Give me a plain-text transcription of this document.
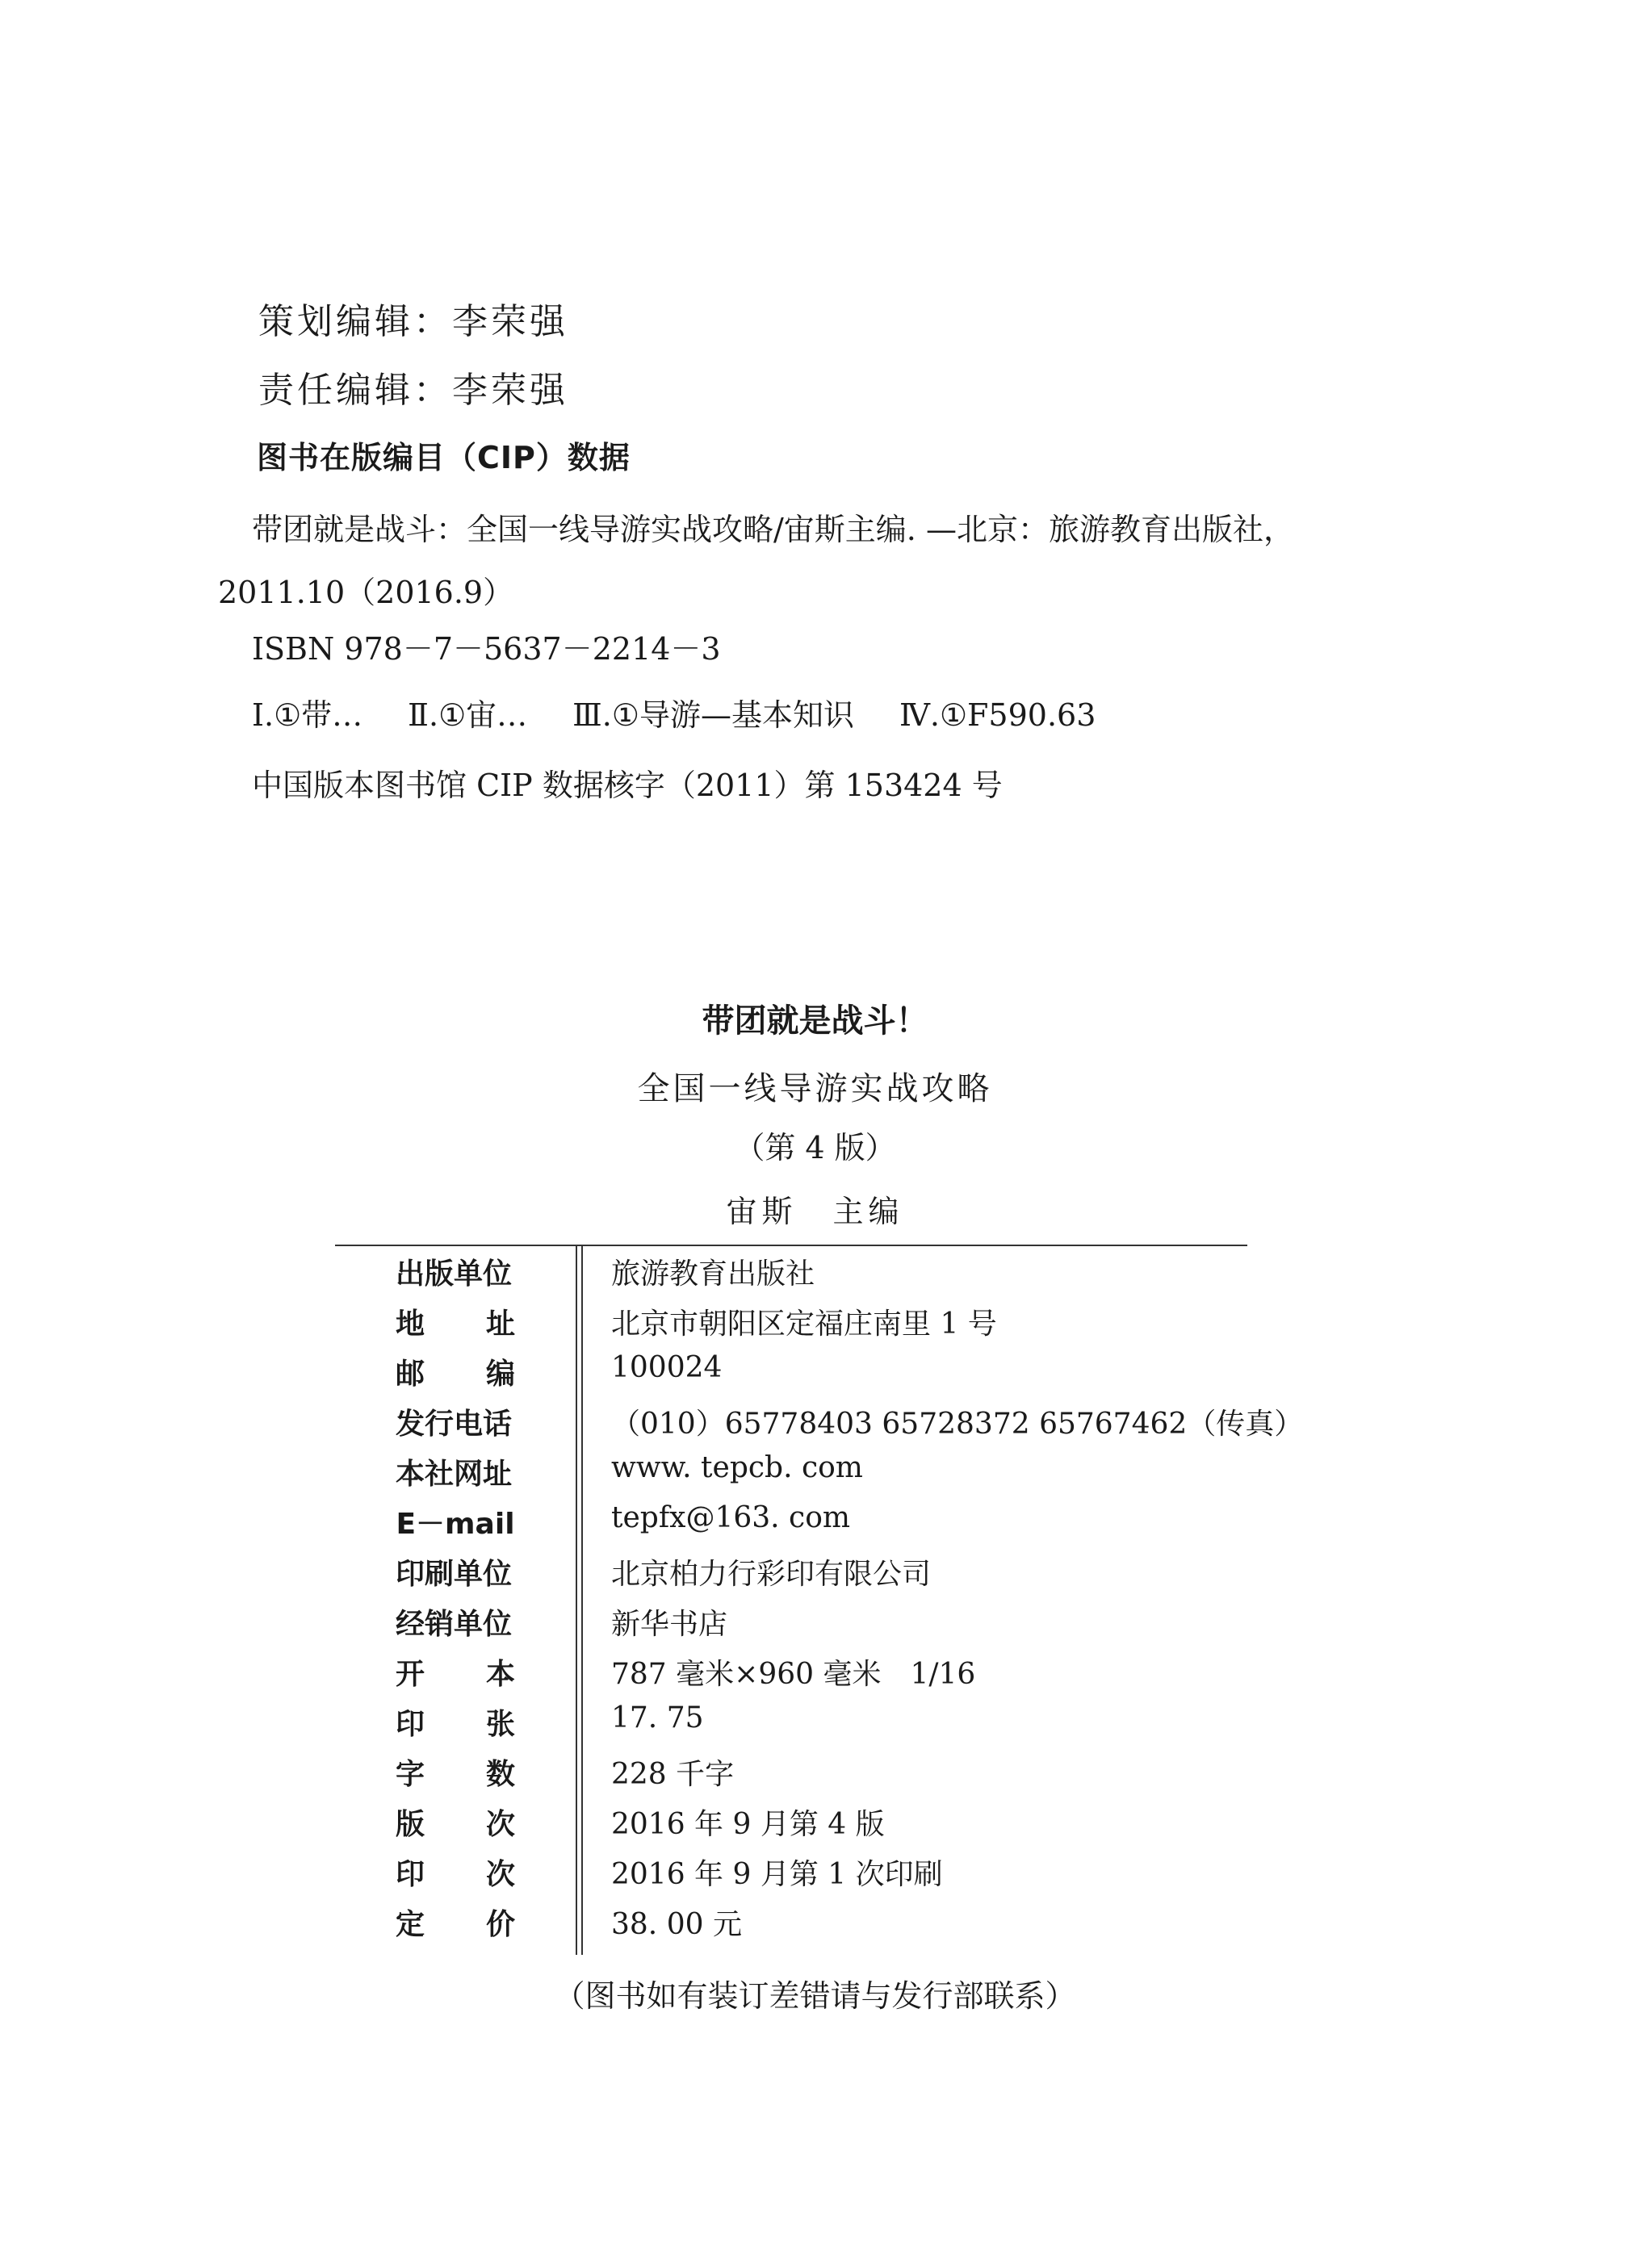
策划编辑：李荣强
责任编辑：李荣强
图书在版编目（CIP）数据
带团就是战斗：全国一线导游实战攻略/宙斯主编. —北京：旅游教育出版社，
2011.10（2016.9）
ISBN 978－7－5637－2214－3
Ⅰ.①带… Ⅱ.①宙… Ⅲ.①导游—基本知识 Ⅳ.①F590.63
中国版本图书馆 CIP 数据核字（2011）第 153424 号
带团就是战斗！
全国一线导游实战攻略
（第 4 版）
宙斯　主编
出版单位	旅游教育出版社
地 址	北京市朝阳区定福庄南里 1 号
邮 编	100024
发行电话	（010）65778403 65728372 65767462（传真）
本社网址	www. tepcb. com
E－mail	tepfx@163. com
印刷单位	北京柏力行彩印有限公司
经销单位	新华书店
开 本	787 毫米×960 毫米　1/16
印 张	17. 75
字 数	228 千字
版 次	2016 年 9 月第 4 版
印 次	2016 年 9 月第 1 次印刷
定 价	38. 00 元
（图书如有装订差错请与发行部联系）
